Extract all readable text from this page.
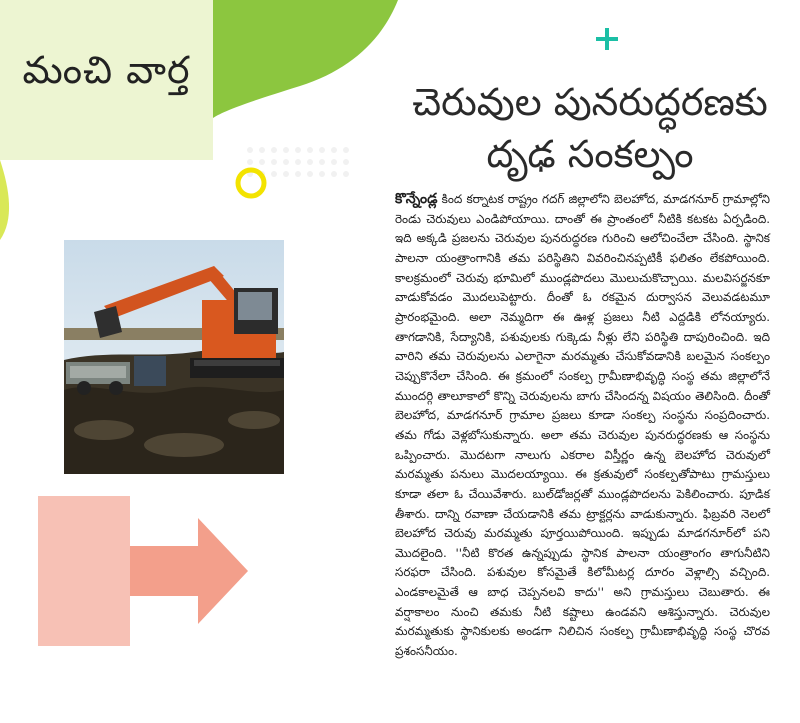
మంచి వార్త
చెరువుల పునరుద్ధరణకు
దృఢ సంకల్పం
కొన్నేండ్ల కింద కర్నాటక రాష్ట్రం గదగ్ జిల్లాలోని బెలహోద, మాడగనూర్ గ్రామాల్లోని రెండు చెరువులు ఎండిపోయాయి. దాంతో ఈ ప్రాంతంలో నీటికి కటకట ఏర్పడింది. ఇది అక్కడి ప్రజలను చెరువుల పునరుద్ధరణ గురించి ఆలోచించేలా చేసింది. స్థానిక పాలనా యంత్రాంగానికి తమ పరిస్థితిని వివరించినప్పటికీ ఫలితం లేకపోయింది. కాలక్రమంలో చెరువు భూమిలో ముండ్లపొదలు మొలుచుకొచ్చాయి. మలవిసర్జనకూ వాడుకోవడం మొదలుపెట్టారు. దీంతో ఓ రకమైన దుర్వాసన వెలువడటమూ ప్రారంభమైంది. అలా నెమ్మదిగా ఈ ఊళ్ల ప్రజలు నీటి ఎద్దడికి లోనయ్యారు. తాగడానికి, సేద్యానికి, పశువులకు గుక్కెడు నీళ్లు లేని పరిస్థితి దాపురించింది. ఇది వారిని తమ చెరువులను ఎలాగైనా మరమ్మతు చేసుకోవడానికి బలమైన సంకల్పం చెప్పుకొనేలా చేసింది. ఈ క్రమంలో సంకల్ప గ్రామీణాభివృద్ధి సంస్థ తమ జిల్లాలోనే ముందర్గి తాలూకాలో కొన్ని చెరువులను బాగు చేసిందన్న విషయం తెలిసింది. దీంతో బెలహోద, మాడగనూర్ గ్రామాల ప్రజలు కూడా సంకల్ప సంస్థను సంప్రదించారు. తమ గోడు వెళ్లబోసుకున్నారు. అలా తమ చెరువుల పునరుద్ధరణకు ఆ సంస్థను ఒప్పించారు. మొదటగా నాలుగు ఎకరాల విస్తీర్ణం ఉన్న బెలహోద చెరువులో మరమ్మతు పనులు మొదలయ్యాయి. ఈ క్రతువులో సంకల్పతోపాటు గ్రామస్తులు కూడా తలా ఓ చేయివేశారు. బుల్‌డోజర్లతో ముండ్లపొదలను పెకిలించారు. పూడిక తీశారు. దాన్ని రవాణా చేయడానికి తమ ట్రాక్టర్లను వాడుకున్నారు. ఫిబ్రవరి నెలలో బెలహోద చెరువు మరమ్మతు పూర్తయిపోయింది. ఇప్పుడు మాడగనూర్‌లో పని మొదలైంది. ''నీటి కొరత ఉన్నప్పుడు స్థానిక పాలనా యంత్రాంగం తాగునీటిని సరఫరా చేసింది. పశువుల కోసమైతే కిలోమీటర్ల దూరం వెళ్లాల్సి వచ్చింది. ఎండకాలమైతే ఆ బాధ చెప్పనలవి కాదు'' అని గ్రామస్తులు చెబుతారు. ఈ వర్షాకాలం నుంచి తమకు నీటి కష్టాలు ఉండవని ఆశిస్తున్నారు. చెరువుల మరమ్మతుకు స్థానికులకు అండగా నిలిచిన సంకల్ప గ్రామీణాభివృద్ధి సంస్థ చొరవ ప్రశంసనీయం.
